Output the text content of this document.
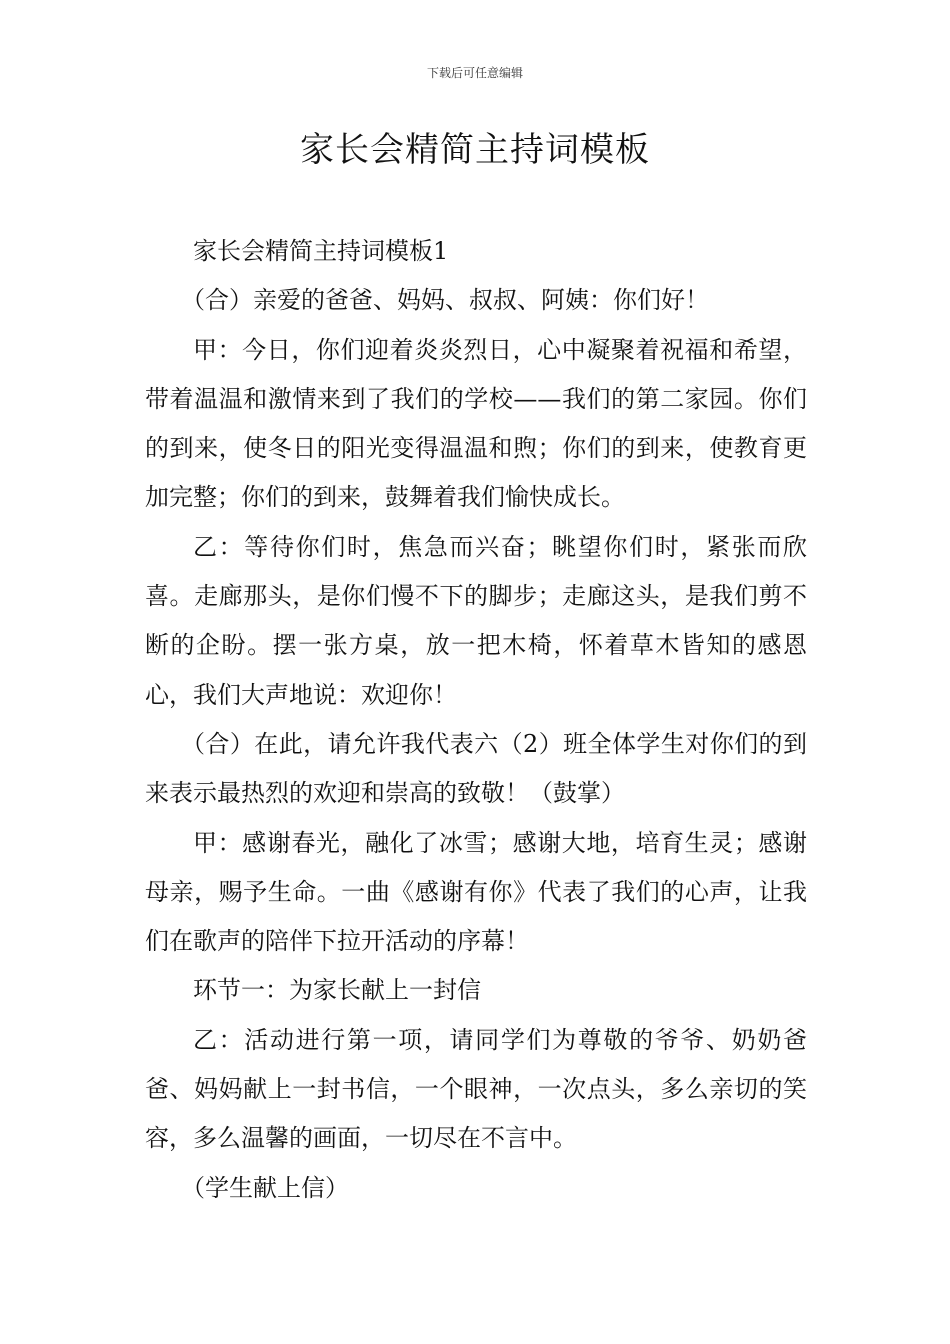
下载后可任意编辑
家长会精简主持词模板

家长会精简主持词模板1

（合）亲爱的爸爸、妈妈、叔叔、阿姨：你们好！

甲：今日，你们迎着炎炎烈日，心中凝聚着祝福和希望，带着温温和激情来到了我们的学校——我们的第二家园。你们的到来，使冬日的阳光变得温温和煦；你们的到来，使教育更加完整；你们的到来，鼓舞着我们愉快成长。

乙：等待你们时，焦急而兴奋；眺望你们时，紧张而欣喜。走廊那头，是你们慢不下的脚步；走廊这头，是我们剪不断的企盼。摆一张方桌，放一把木椅，怀着草木皆知的感恩心，我们大声地说：欢迎你！

（合）在此，请允许我代表六（2）班全体学生对你们的到来表示最热烈的欢迎和崇高的致敬！（鼓掌）

甲：感谢春光，融化了冰雪；感谢大地，培育生灵；感谢母亲，赐予生命。一曲《感谢有你》代表了我们的心声，让我们在歌声的陪伴下拉开活动的序幕！

环节一：为家长献上一封信

乙：活动进行第一项，请同学们为尊敬的爷爷、奶奶爸爸、妈妈献上一封书信，一个眼神，一次点头，多么亲切的笑容，多么温馨的画面，一切尽在不言中。

（学生献上信）
